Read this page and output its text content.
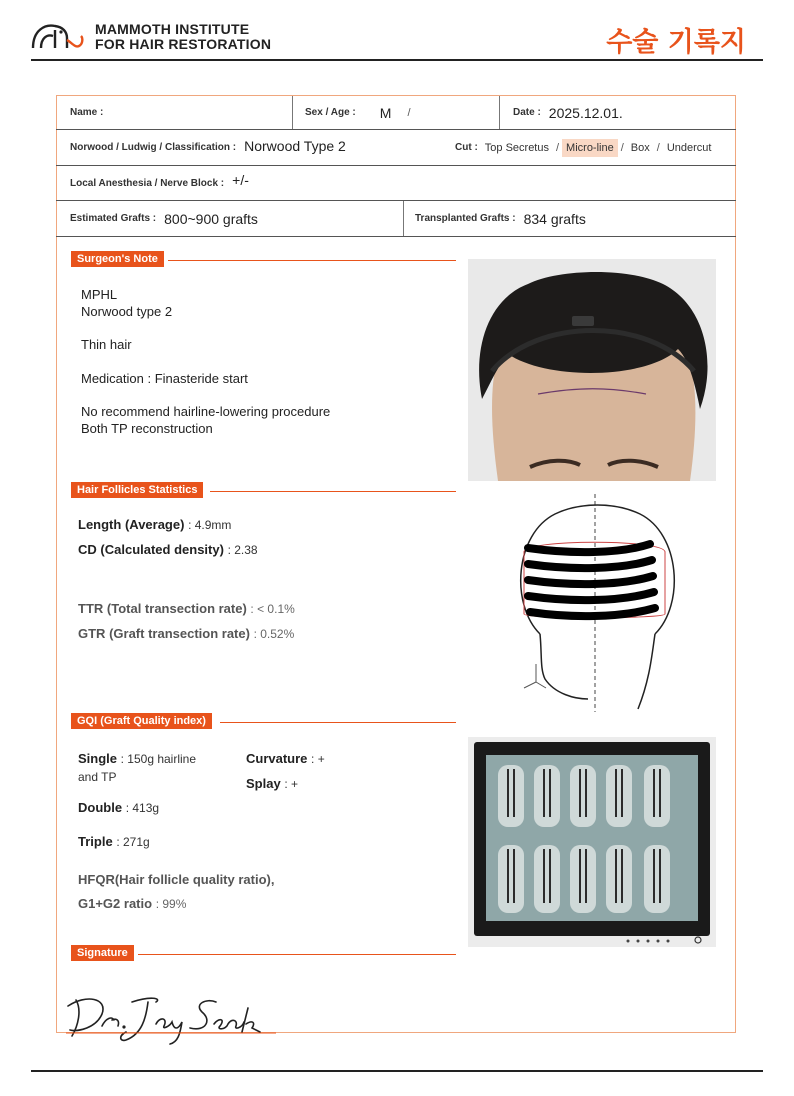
MAMMOTH INSTITUTE
FOR HAIR RESTORATION	수술 기록지
Name :	Sex / Age : M /	Date : 2025.12.01.
Norwood / Ludwig / Classification : Norwood Type 2	Cut : Top Secretus / Micro-line / Box / Undercut
Local Anesthesia / Nerve Block : +/-
Estimated Grafts : 800~900 grafts	Transplanted Grafts : 834 grafts
Surgeon's Note
MPHL
Norwood type 2
Thin hair
Medication : Finasteride start
No recommend hairline-lowering procedure
Both TP reconstruction
Hair Follicles Statistics
Length (Average) : 4.9mm
CD (Calculated density) : 2.38
TTR (Total transection rate) : < 0.1%
GTR (Graft transection rate) : 0.52%
GQI (Graft Quality index)
Single : 150g hairline
and TP
Curvature : +
Splay : +
Double : 413g
Triple : 271g
HFQR(Hair follicle quality ratio),
G1+G2 ratio : 99%
Signature
